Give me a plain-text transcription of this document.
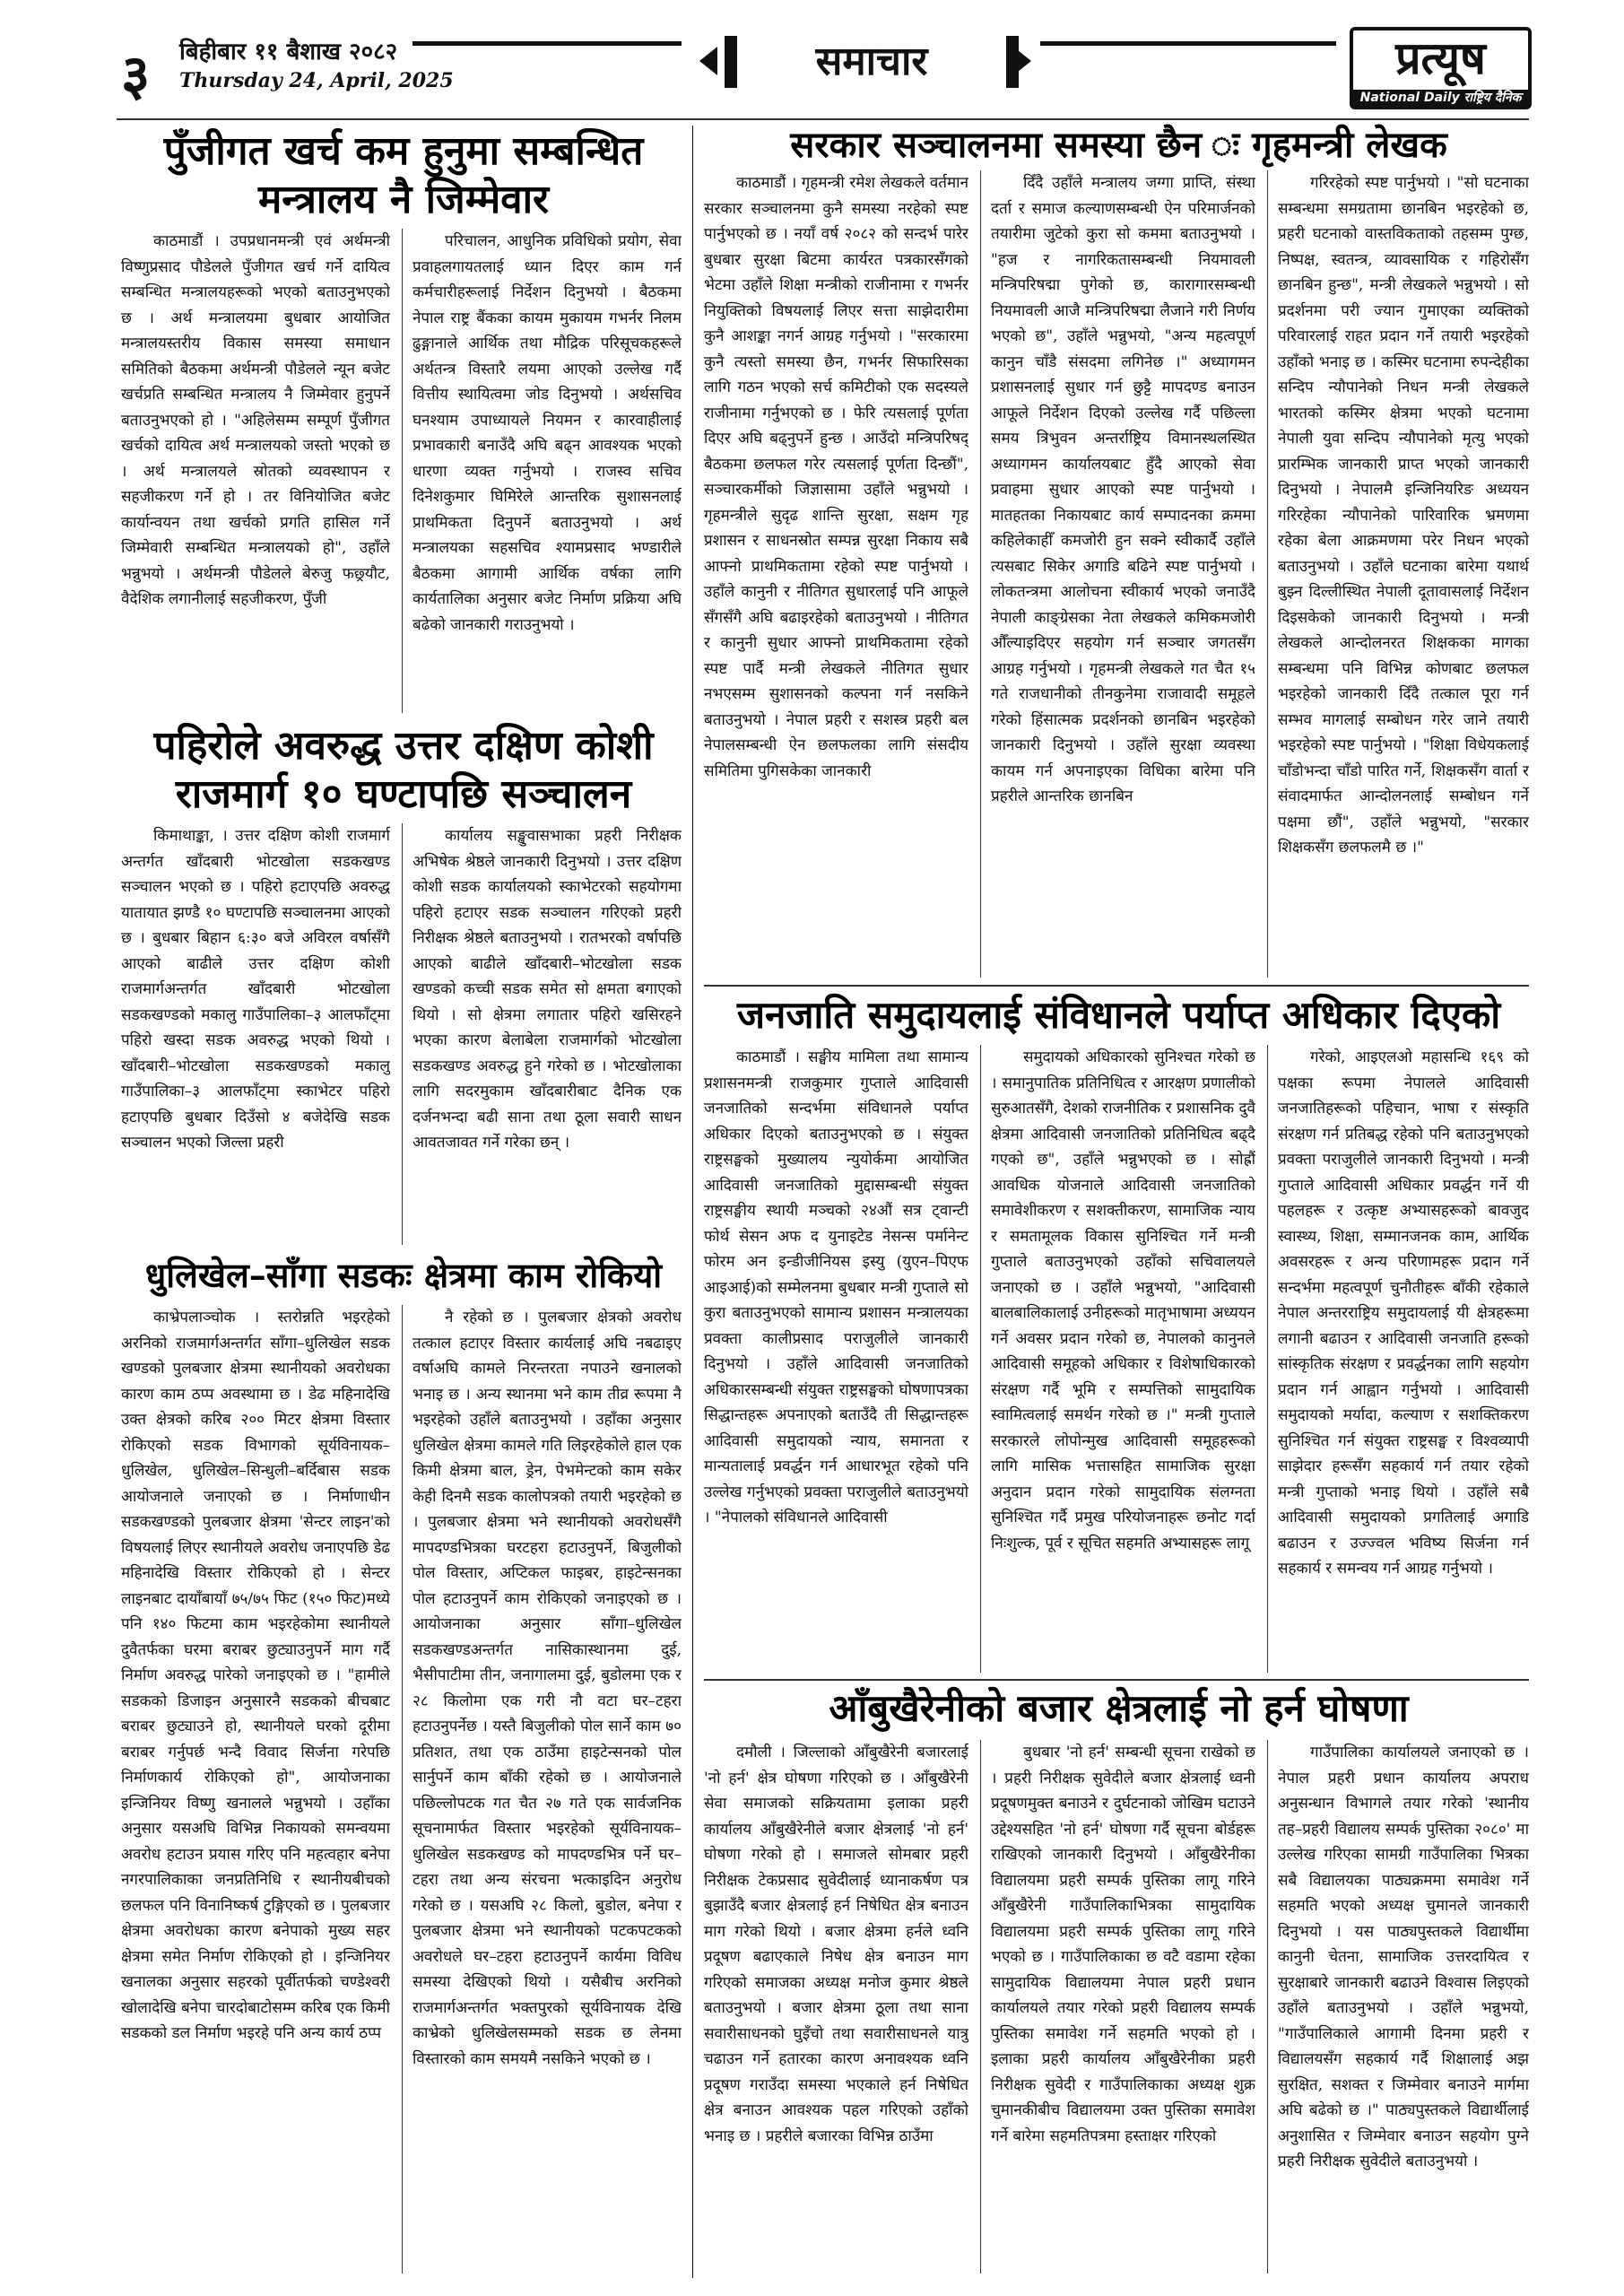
३ बिहीबार ११ बैशाख २०८२
Thursday 24, April, 2025	समाचार	प्रत्यूष
National Daily राष्ट्रिय दैनिक
पुँजीगत खर्च कम हुनुमा सम्बन्धित मन्त्रालय नै जिम्मेवार

काठमाडौं । उपप्रधानमन्त्री एवं अर्थमन्त्री विष्णुप्रसाद पौडेलले पुँजीगत खर्च गर्ने दायित्व सम्बन्धित मन्त्रालयहरूको भएको बताउनुभएको छ । अर्थ मन्त्रालयमा बुधबार आयोजित मन्त्रालयस्तरीय विकास समस्या समाधान समितिको बैठकमा अर्थमन्त्री पौडेलले न्यून बजेट खर्चप्रति सम्बन्धित मन्त्रालय नै जिम्मेवार हुनुपर्ने बताउनुभएको हो । "अहिलेसम्म सम्पूर्ण पुँजीगत खर्चको दायित्व अर्थ मन्त्रालयको जस्तो भएको छ । अर्थ मन्त्रालयले स्रोतको व्यवस्थापन र सहजीकरण गर्ने हो । तर विनियोजित बजेट कार्यान्वयन तथा खर्चको प्रगति हासिल गर्ने जिम्मेवारी सम्बन्धित मन्त्रालयको हो", उहाँले भन्नुभयो । अर्थमन्त्री पौडेलले बेरुजु फछ्र्यौट, वैदेशिक लगानीलाई सहजीकरण, पुँजी

परिचालन, आधुनिक प्रविधिको प्रयोग, सेवा प्रवाहलगायतलाई ध्यान दिएर काम गर्न कर्मचारीहरूलाई निर्देशन दिनुभयो । बैठकमा नेपाल राष्ट्र बैंकका कायम मुकायम गभर्नर निलम ढुङ्गानाले आर्थिक तथा मौद्रिक परिसूचकहरूले अर्थतन्त्र विस्तारै लयमा आएको उल्लेख गर्दै वित्तीय स्थायित्वमा जोड दिनुभयो । अर्थसचिव घनश्याम उपाध्यायले नियमन र कारवाहीलाई प्रभावकारी बनाउँदै अघि बढ्न आवश्यक भएको धारणा व्यक्त गर्नुभयो । राजस्व सचिव दिनेशकुमार घिमिरेले आन्तरिक सुशासनलाई प्राथमिकता दिनुपर्ने बताउनुभयो । अर्थ मन्त्रालयका सहसचिव श्यामप्रसाद भण्डारीले बैठकमा आगामी आर्थिक वर्षका लागि कार्यतालिका अनुसार बजेट निर्माण प्रक्रिया अघि बढेको जानकारी गराउनुभयो ।

पहिरोले अवरुद्ध उत्तर दक्षिण कोशी राजमार्ग १० घण्टापछि सञ्चालन

किमाथाङ्का, । उत्तर दक्षिण कोशी राजमार्ग अन्तर्गत खाँदबारी भोटखोला सडकखण्ड सञ्चालन भएको छ । पहिरो हटाएपछि अवरुद्ध यातायात झण्डै १० घण्टापछि सञ्चालनमा आएको छ । बुधबार बिहान ६:३० बजे अविरल वर्षासँगै आएको बाढीले उत्तर दक्षिण कोशी राजमार्गअन्तर्गत खाँदबारी भोटखोला सडकखण्डको मकालु गाउँपालिका–३ आलफाँट्मा पहिरो खस्दा सडक अवरुद्ध भएको थियो । खाँदबारी–भोटखोला सडकखण्डको मकालु गाउँपालिका–३ आलफाँट्मा स्काभेटर पहिरो हटाएपछि बुधबार दिउँसो ४ बजेदेखि सडक सञ्चालन भएको जिल्ला प्रहरी

कार्यालय सङ्खुवासभाका प्रहरी निरीक्षक अभिषेक श्रेष्ठले जानकारी दिनुभयो । उत्तर दक्षिण कोशी सडक कार्यालयको स्काभेटरको सहयोगमा पहिरो हटाएर सडक सञ्चालन गरिएको प्रहरी निरीक्षक श्रेष्ठले बताउनुभयो । रातभरको वर्षापछि आएको बाढीले खाँदबारी–भोटखोला सडक खण्डको कच्ची सडक समेत सो क्षमता बगाएको थियो । सो क्षेत्रमा लगातार पहिरो खसिरहने भएका कारण बेलाबेला राजमार्गको भोटखोला सडकखण्ड अवरुद्ध हुने गरेको छ । भोटखोलाका लागि सदरमुकाम खाँदबारीबाट दैनिक एक दर्जनभन्दा बढी साना तथा ठूला सवारी साधन आवतजावत गर्ने गरेका छन् ।

धुलिखेल–साँगा सडकः क्षेत्रमा काम रोकियो

काभ्रेपलाञ्चोक । स्तरोन्नति भइरहेको अरनिको राजमार्गअन्तर्गत साँगा–धुलिखेल सडक खण्डको पुलबजार क्षेत्रमा स्थानीयको अवरोधका कारण काम ठप्प अवस्थामा छ । डेढ महिनादेखि उक्त क्षेत्रको करिब २०० मिटर क्षेत्रमा विस्तार रोकिएको सडक विभागको सूर्यविनायक–धुलिखेल, धुलिखेल–सिन्धुली–बर्दिबास सडक आयोजनाले जनाएको छ । निर्माणाधीन सडकखण्डको पुलबजार क्षेत्रमा 'सेन्टर लाइन'को विषयलाई लिएर स्थानीयले अवरोध जनाएपछि डेढ महिनादेखि विस्तार रोकिएको हो । सेन्टर लाइनबाट दायाँबायाँ ७५/७५ फिट (१५० फिट)मध्ये पनि १४० फिटमा काम भइरहेकोमा स्थानीयले दुवैतर्फका घरमा बराबर छुट्याउनुपर्ने माग गर्दै निर्माण अवरुद्ध पारेको जनाइएको छ । "हामीले सडकको डिजाइन अनुसारनै सडकको बीचबाट बराबर छुट्याउने हो, स्थानीयले घरको दूरीमा बराबर गर्नुपर्छ भन्दै विवाद सिर्जना गरेपछि निर्माणकार्य रोकिएको हो", आयोजनाका इन्जिनियर विष्णु खनालले भन्नुभयो । उहाँका अनुसार यसअघि विभिन्न निकायको समन्वयमा अवरोध हटाउन प्रयास गरिए पनि महत्वहार बनेपा नगरपालिकाका जनप्रतिनिधि र स्थानीयबीचको छलफल पनि विनानिष्कर्ष टुङ्गिएको छ । पुलबजार क्षेत्रमा अवरोधका कारण बनेपाको मुख्य सहर क्षेत्रमा समेत निर्माण रोकिएको हो । इन्जिनियर खनालका अनुसार सहरको पूर्वीतर्फको चण्डेश्वरी खोलादेखि बनेपा चारदोबाटोसम्म करिब एक किमी सडकको डल निर्माण भइरहे पनि अन्य कार्य ठप्प

नै रहेको छ । पुलबजार क्षेत्रको अवरोध तत्काल हटाएर विस्तार कार्यलाई अघि नबढाइए वर्षाअघि कामले निरन्तरता नपाउने खनालको भनाइ छ । अन्य स्थानमा भने काम तीव्र रूपमा नै भइरहेको उहाँले बताउनुभयो । उहाँका अनुसार धुलिखेल क्षेत्रमा कामले गति लिइरहेकोले हाल एक किमी क्षेत्रमा बाल, ड्रेन, पेभमेन्टको काम सकेर केही दिनमै सडक कालोपत्रको तयारी भइरहेको छ । पुलबजार क्षेत्रमा भने स्थानीयको अवरोधसँगै मापदण्डभित्रका घरटहरा हटाउनुपर्ने, बिजुलीको पोल विस्तार, अप्टिकल फाइबर, हाइटेन्सनका पोल हटाउनुपर्ने काम रोकिएको जनाइएको छ । आयोजनाका अनुसार साँगा–धुलिखेल सडकखण्डअन्तर्गत नासिकास्थानमा दुई, भैसीपाटीमा तीन, जनागालमा दुई, बुडोलमा एक र २८ किलोमा एक गरी नौ वटा घर–टहरा हटाउनुपर्नेछ । यस्तै बिजुलीको पोल सार्ने काम ७० प्रतिशत, तथा एक ठाउँमा हाइटेन्सनको पोल सार्नुपर्ने काम बाँकी रहेको छ । आयोजनाले पछिल्लोपटक गत चैत २७ गते एक सार्वजनिक सूचनामार्फत विस्तार भइरहेको सूर्यविनायक–धुलिखेल सडकखण्ड को मापदण्डभित्र पर्ने घर–टहरा तथा अन्य संरचना भत्काइदिन अनुरोध गरेको छ । यसअघि २८ किलो, बुडोल, बनेपा र पुलबजार क्षेत्रमा भने स्थानीयको पटकपटकको अवरोधले घर–टहरा हटाउनुपर्ने कार्यमा विविध समस्या देखिएको थियो । यसैबीच अरनिको राजमार्गअन्तर्गत भक्तपुरको सूर्यविनायक देखि काभ्रेको धुलिखेलसम्मको सडक छ लेनमा विस्तारको काम समयमै नसकिने भएको छ ।

सरकार सञ्चालनमा समस्या छैन ः गृहमन्त्री लेखक

काठमाडौं । गृहमन्त्री रमेश लेखकले वर्तमान सरकार सञ्चालनमा कुनै समस्या नरहेको स्पष्ट पार्नुभएको छ । नयाँ वर्ष २०८२ को सन्दर्भ पारेर बुधबार सुरक्षा बिटमा कार्यरत पत्रकारसँगको भेटमा उहाँले शिक्षा मन्त्रीको राजीनामा र गभर्नर नियुक्तिको विषयलाई लिएर सत्ता साझेदारीमा कुनै आशङ्का नगर्न आग्रह गर्नुभयो । "सरकारमा कुनै त्यस्तो समस्या छैन, गभर्नर सिफारिसका लागि गठन भएको सर्च कमिटीको एक सदस्यले राजीनामा गर्नुभएको छ । फेरि त्यसलाई पूर्णता दिएर अघि बढ्नुपर्ने हुन्छ । आउँदो मन्त्रिपरिषद् बैठकमा छलफल गरेर त्यसलाई पूर्णता दिन्छौं", सञ्चारकर्मीको जिज्ञासामा उहाँले भन्नुभयो । गृहमन्त्रीले सुदृढ शान्ति सुरक्षा, सक्षम गृह प्रशासन र साधनस्रोत सम्पन्न सुरक्षा निकाय सबै आफ्नो प्राथमिकतामा रहेको स्पष्ट पार्नुभयो । उहाँले कानुनी र नीतिगत सुधारलाई पनि आफूले सँगसँगै अघि बढाइरहेको बताउनुभयो । नीतिगत र कानुनी सुधार आफ्नो प्राथमिकतामा रहेको स्पष्ट पार्दै मन्त्री लेखकले नीतिगत सुधार नभएसम्म सुशासनको कल्पना गर्न नसकिने बताउनुभयो । नेपाल प्रहरी र सशस्त्र प्रहरी बल नेपालसम्बन्धी ऐन छलफलका लागि संसदीय समितिमा पुगिसकेका जानकारी

दिँदै उहाँले मन्त्रालय जग्गा प्राप्ति, संस्था दर्ता र समाज कल्याणसम्बन्धी ऐन परिमार्जनको तयारीमा जुटेको कुरा सो कममा बताउनुभयो । "हज र नागरिकतासम्बन्धी नियमावली मन्त्रिपरिषद्मा पुगेको छ, कारागारसम्बन्धी नियमावली आजै मन्त्रिपरिषद्मा लैजाने गरी निर्णय भएको छ", उहाँले भन्नुभयो, "अन्य महत्वपूर्ण कानुन चाँडै संसदमा लगिनेछ ।" अध्यागमन प्रशासनलाई सुधार गर्न छुट्टै मापदण्ड बनाउन आफूले निर्देशन दिएको उल्लेख गर्दै पछिल्ला समय त्रिभुवन अन्तर्राष्ट्रिय विमानस्थलस्थित अध्यागमन कार्यालयबाट हुँदै आएको सेवा प्रवाहमा सुधार आएको स्पष्ट पार्नुभयो । मातहतका निकायबाट कार्य सम्पादनका क्रममा कहिलेकाहीँ कमजोरी हुन सक्ने स्वीकार्दै उहाँले त्यसबाट सिकेर अगाडि बढिने स्पष्ट पार्नुभयो । लोकतन्त्रमा आलोचना स्वीकार्य भएको जनाउँदै नेपाली काङ्ग्रेसका नेता लेखकले कमिकमजोरी औँल्याइदिएर सहयोग गर्न सञ्चार जगतसँग आग्रह गर्नुभयो । गृहमन्त्री लेखकले गत चैत १५ गते राजधानीको तीनकुनेमा राजावादी समूहले गरेको हिंसात्मक प्रदर्शनको छानबिन भइरहेको जानकारी दिनुभयो । उहाँले सुरक्षा व्यवस्था कायम गर्न अपनाइएका विधिका बारेमा पनि प्रहरीले आन्तरिक छानबिन

गरिरहेको स्पष्ट पार्नुभयो । "सो घटनाका सम्बन्धमा समग्रतामा छानबिन भइरहेको छ, प्रहरी घटनाको वास्तविकताको तहसम्म पुग्छ, निष्पक्ष, स्वतन्त्र, व्यावसायिक र गहिरोसँग छानबिन हुन्छ", मन्त्री लेखकले भन्नुभयो । सो प्रदर्शनमा परी ज्यान गुमाएका व्यक्तिको परिवारलाई राहत प्रदान गर्ने तयारी भइरहेको उहाँको भनाइ छ । कस्मिर घटनामा रुपन्देहीका सन्दिप न्यौपानेको निधन मन्त्री लेखकले भारतको कस्मिर क्षेत्रमा भएको घटनामा नेपाली युवा सन्दिप न्यौपानेको मृत्यु भएको प्रारम्भिक जानकारी प्राप्त भएको जानकारी दिनुभयो । नेपालमै इन्जिनियरिङ अध्ययन गरिरहेका न्यौपानेको पारिवारिक भ्रमणमा रहेका बेला आक्रमणमा परेर निधन भएको बताउनुभयो । उहाँले घटनाका बारेमा यथार्थ बुझ्न दिल्लीस्थित नेपाली दूतावासलाई निर्देशन दिइसकेको जानकारी दिनुभयो । मन्त्री लेखकले आन्दोलनरत शिक्षकका मागका सम्बन्धमा पनि विभिन्न कोणबाट छलफल भइरहेको जानकारी दिँदै तत्काल पूरा गर्न सम्भव मागलाई सम्बोधन गरेर जाने तयारी भइरहेको स्पष्ट पार्नुभयो । "शिक्षा विधेयकलाई चाँडोभन्दा चाँडो पारित गर्ने, शिक्षकसँग वार्ता र संवादमार्फत आन्दोलनलाई सम्बोधन गर्ने पक्षमा छौं", उहाँले भन्नुभयो, "सरकार शिक्षकसँग छलफलमै छ ।"

जनजाति समुदायलाई संविधानले पर्याप्त अधिकार दिएको

काठमाडौं । सङ्घीय मामिला तथा सामान्य प्रशासनमन्त्री राजकुमार गुप्ताले आदिवासी जनजातिको सन्दर्भमा संविधानले पर्याप्त अधिकार दिएको बताउनुभएको छ । संयुक्त राष्ट्रसङ्घको मुख्यालय न्युयोर्कमा आयोजित आदिवासी जनजातिको मुद्दासम्बन्धी संयुक्त राष्ट्रसङ्घीय स्थायी मञ्चको २४औं सत्र ट्वान्टी फोर्थ सेसन अफ द युनाइटेड नेसन्स पर्मानेन्ट फोरम अन इन्डीजीनियस इस्यु (युएन–पिएफ आइआई)को सम्मेलनमा बुधबार मन्त्री गुप्ताले सो कुरा बताउनुभएको सामान्य प्रशासन मन्त्रालयका प्रवक्ता कालीप्रसाद पराजुलीले जानकारी दिनुभयो । उहाँले आदिवासी जनजातिको अधिकारसम्बन्धी संयुक्त राष्ट्रसङ्घको घोषणापत्रका सिद्धान्तहरू अपनाएको बताउँदै ती सिद्धान्तहरू आदिवासी समुदायको न्याय, समानता र मान्यतालाई प्रवर्द्धन गर्न आधारभूत रहेको पनि उल्लेख गर्नुभएको प्रवक्ता पराजुलीले बताउनुभयो । "नेपालको संविधानले आदिवासी

समुदायको अधिकारको सुनिश्चत गरेको छ । समानुपातिक प्रतिनिधित्व र आरक्षण प्रणालीको सुरुआतसँगै, देशको राजनीतिक र प्रशासनिक दुवै क्षेत्रमा आदिवासी जनजातिको प्रतिनिधित्व बढ्दै गएको छ", उहाँले भन्नुभएको छ । सोह्रौं आवधिक योजनाले आदिवासी जनजातिको समावेशीकरण र सशक्तीकरण, सामाजिक न्याय र समतामूलक विकास सुनिश्चित गर्ने मन्त्री गुप्ताले बताउनुभएको उहाँको सचिवालयले जनाएको छ । उहाँले भन्नुभयो, "आदिवासी बालबालिकालाई उनीहरूको मातृभाषामा अध्ययन गर्ने अवसर प्रदान गरेको छ, नेपालको कानुनले आदिवासी समूहको अधिकार र विशेषाधिकारको संरक्षण गर्दै भूमि र सम्पत्तिको सामुदायिक स्वामित्वलाई समर्थन गरेको छ ।" मन्त्री गुप्ताले सरकारले लोपोन्मुख आदिवासी समूहहरूको लागि मासिक भत्तासहित सामाजिक सुरक्षा अनुदान प्रदान गरेको सामुदायिक संलग्नता सुनिश्चित गर्दै प्रमुख परियोजनाहरू छनोट गर्दा निःशुल्क, पूर्व र सूचित सहमति अभ्यासहरू लागू

गरेको, आइएलओ महासन्धि १६९ को पक्षका रूपमा नेपालले आदिवासी जनजातिहरूको पहिचान, भाषा र संस्कृति संरक्षण गर्न प्रतिबद्ध रहेको पनि बताउनुभएको प्रवक्ता पराजुलीले जानकारी दिनुभयो । मन्त्री गुप्ताले आदिवासी अधिकार प्रवर्द्धन गर्ने यी पहलहरू र उत्कृष्ट अभ्यासहरूको बावजुद स्वास्थ्य, शिक्षा, सम्मानजनक काम, आर्थिक अवसरहरू र अन्य परिणामहरू प्रदान गर्ने सन्दर्भमा महत्वपूर्ण चुनौतीहरू बाँकी रहेकाले नेपाल अन्तरराष्ट्रिय समुदायलाई यी क्षेत्रहरूमा लगानी बढाउन र आदिवासी जनजाति हरूको सांस्कृतिक संरक्षण र प्रवर्द्धनका लागि सहयोग प्रदान गर्न आह्वान गर्नुभयो । आदिवासी समुदायको मर्यादा, कल्याण र सशक्तिकरण सुनिश्चित गर्न संयुक्त राष्ट्रसङ्घ र विश्वव्यापी साझेदार हरूसँग सहकार्य गर्न तयार रहेको मन्त्री गुप्ताको भनाइ थियो । उहाँले सबै आदिवासी समुदायको प्रगतिलाई अगाडि बढाउन र उज्ज्वल भविष्य सिर्जना गर्न सहकार्य र समन्वय गर्न आग्रह गर्नुभयो ।

आँबुखैरेनीको बजार क्षेत्रलाई नो हर्न घोषणा

दमौली । जिल्लाको आँबुखैरेनी बजारलाई 'नो हर्न' क्षेत्र घोषणा गरिएको छ । आँबुखैरेनी सेवा समाजको सक्रियतामा इलाका प्रहरी कार्यालय आँबुखैरेनीले बजार क्षेत्रलाई 'नो हर्न' घोषणा गरेको हो । समाजले सोमबार प्रहरी निरीक्षक टेकप्रसाद सुवेदीलाई ध्यानाकर्षण पत्र बुझाउँदै बजार क्षेत्रलाई हर्न निषेधित क्षेत्र बनाउन माग गरेको थियो । बजार क्षेत्रमा हर्नले ध्वनि प्रदूषण बढाएकाले निषेध क्षेत्र बनाउन माग गरिएको समाजका अध्यक्ष मनोज कुमार श्रेष्ठले बताउनुभयो । बजार क्षेत्रमा ठूला तथा साना सवारीसाधनको घुइँचो तथा सवारीसाधनले यात्रु चढाउन गर्ने हतारका कारण अनावश्यक ध्वनि प्रदूषण गराउँदा समस्या भएकाले हर्न निषेधित क्षेत्र बनाउन आवश्यक पहल गरिएको उहाँको भनाइ छ । प्रहरीले बजारका विभिन्न ठाउँमा

बुधबार 'नो हर्न' सम्बन्धी सूचना राखेको छ । प्रहरी निरीक्षक सुवेदीले बजार क्षेत्रलाई ध्वनी प्रदूषणमुक्त बनाउने र दुर्घटनाको जोखिम घटाउने उद्देश्यसहित 'नो हर्न' घोषणा गर्दै सूचना बोर्डहरू राखिएको जानकारी दिनुभयो । आँबुखैरेनीका विद्यालयमा प्रहरी सम्पर्क पुस्तिका लागू गरिने आँबुखैरेनी गाउँपालिकाभित्रका सामुदायिक विद्यालयमा प्रहरी सम्पर्क पुस्तिका लागू गरिने भएको छ । गाउँपालिकाका छ वटै वडामा रहेका सामुदायिक विद्यालयमा नेपाल प्रहरी प्रधान कार्यालयले तयार गरेको प्रहरी विद्यालय सम्पर्क पुस्तिका समावेश गर्ने सहमति भएको हो । इलाका प्रहरी कार्यालय आँबुखैरेनीका प्रहरी निरीक्षक सुवेदी र गाउँपालिकाका अध्यक्ष शुक्र चुमानकीबीच विद्यालयमा उक्त पुस्तिका समावेश गर्ने बारेमा सहमतिपत्रमा हस्ताक्षर गरिएको

गाउँपालिका कार्यालयले जनाएको छ । नेपाल प्रहरी प्रधान कार्यालय अपराध अनुसन्धान विभागले तयार गरेको 'स्थानीय तह–प्रहरी विद्यालय सम्पर्क पुस्तिका २०८०' मा उल्लेख गरिएका सामग्री गाउँपालिका भित्रका सबै विद्यालयका पाठ्यक्रममा समावेश गर्ने सहमति भएको अध्यक्ष चुमानले जानकारी दिनुभयो । यस पाठ्यपुस्तकले विद्यार्थीमा कानुनी चेतना, सामाजिक उत्तरदायित्व र सुरक्षाबारे जानकारी बढाउने विश्वास लिइएको उहाँले बताउनुभयो । उहाँले भन्नुभयो, "गाउँपालिकाले आगामी दिनमा प्रहरी र विद्यालयसँग सहकार्य गर्दै शिक्षालाई अझ सुरक्षित, सशक्त र जिम्मेवार बनाउने मार्गमा अघि बढेको छ ।" पाठ्यपुस्तकले विद्यार्थीलाई अनुशासित र जिम्मेवार बनाउन सहयोग पुग्ने प्रहरी निरीक्षक सुवेदीले बताउनुभयो ।
